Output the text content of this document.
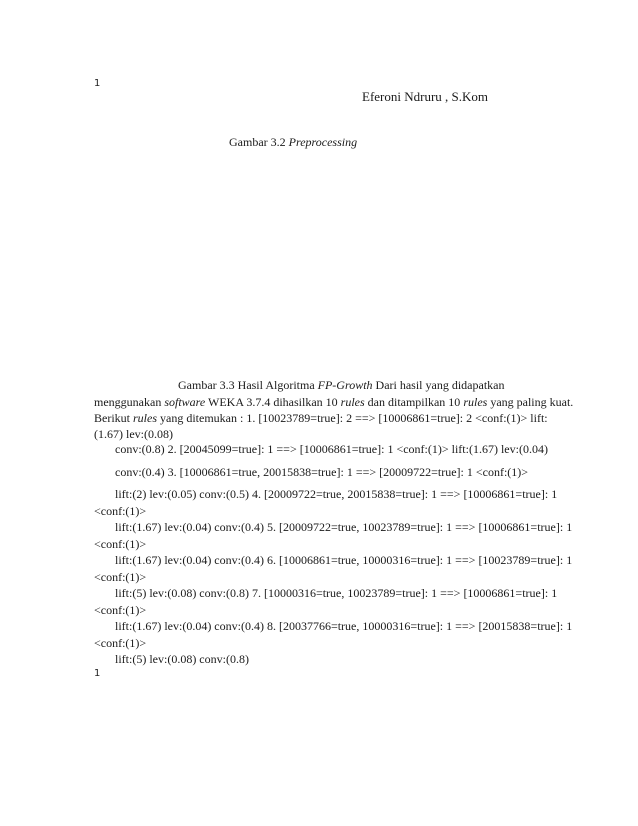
1
Eferoni Ndruru , S.Kom
Gambar 3.2 Preprocessing
Gambar 3.3 Hasil Algoritma FP-Growth Dari hasil yang didapatkan
menggunakan software WEKA 3.7.4 dihasilkan 10 rules dan ditampilkan 10 rules yang paling kuat.
Berikut rules yang ditemukan : 1. [10023789=true]: 2 ==> [10006861=true]: 2 <conf:(1)> lift:
(1.67) lev:(0.08)
conv:(0.8) 2. [20045099=true]: 1 ==> [10006861=true]: 1 <conf:(1)> lift:(1.67) lev:(0.04)
conv:(0.4) 3. [10006861=true, 20015838=true]: 1 ==> [20009722=true]: 1 <conf:(1)>
lift:(2) lev:(0.05) conv:(0.5) 4. [20009722=true, 20015838=true]: 1 ==> [10006861=true]: 1
<conf:(1)>
lift:(1.67) lev:(0.04) conv:(0.4) 5. [20009722=true, 10023789=true]: 1 ==> [10006861=true]: 1
<conf:(1)>
lift:(1.67) lev:(0.04) conv:(0.4) 6. [10006861=true, 10000316=true]: 1 ==> [10023789=true]: 1
<conf:(1)>
lift:(5) lev:(0.08) conv:(0.8) 7. [10000316=true, 10023789=true]: 1 ==> [10006861=true]: 1
<conf:(1)>
lift:(1.67) lev:(0.04) conv:(0.4) 8. [20037766=true, 10000316=true]: 1 ==> [20015838=true]: 1
<conf:(1)>
lift:(5) lev:(0.08) conv:(0.8)
1
